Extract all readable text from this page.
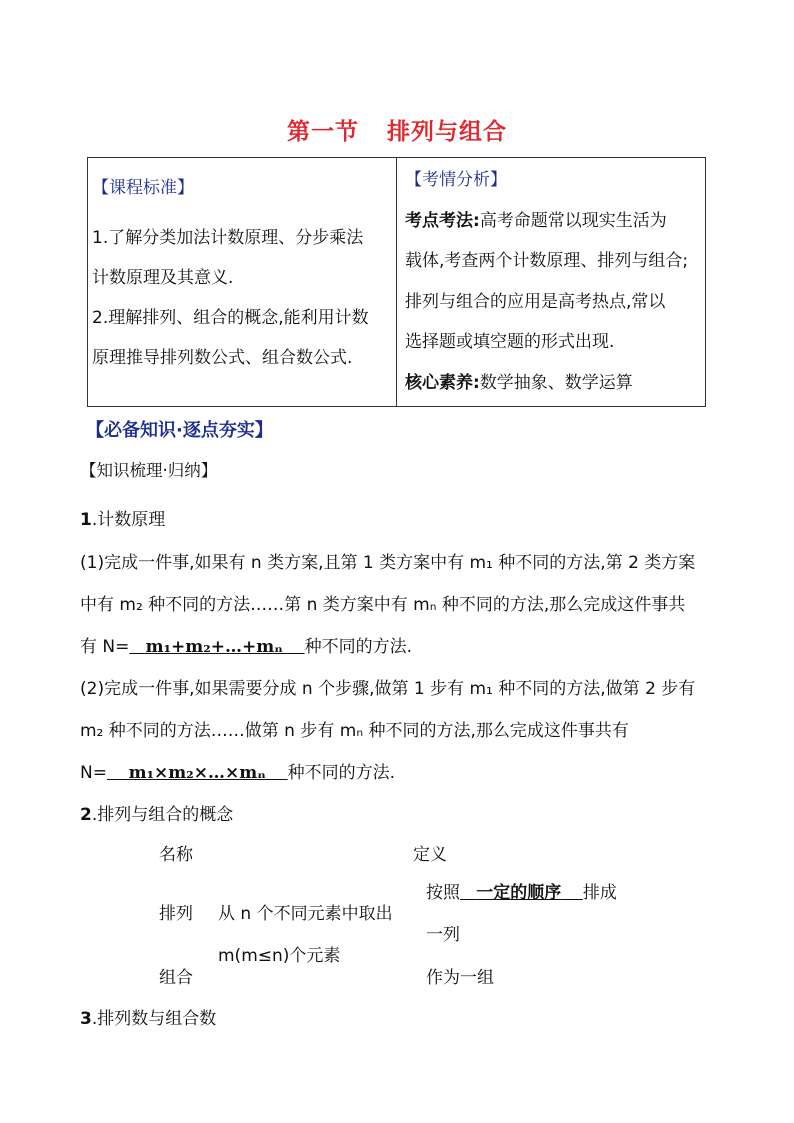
第一节 排列与组合
【课程标准】
1.了解分类加法计数原理、分步乘法
计数原理及其意义.
2.理解排列、组合的概念,能利用计数
原理推导排列数公式、组合数公式.
【考情分析】
考点考法:高考命题常以现实生活为
载体,考查两个计数原理、排列与组合;
排列与组合的应用是高考热点,常以
选择题或填空题的形式出现.
核心素养:数学抽象、数学运算
【必备知识·逐点夯实】
【知识梳理·归纳】
1.计数原理
(1)完成一件事,如果有 n 类方案,且第 1 类方案中有 m₁ 种不同的方法,第 2 类方案
中有 m₂ 种不同的方法……第 n 类方案中有 mₙ 种不同的方法,那么完成这件事共
有 N= m₁+m₂+…+mₙ 种不同的方法.
(2)完成一件事,如果需要分成 n 个步骤,做第 1 步有 m₁ 种不同的方法,做第 2 步有
m₂ 种不同的方法……做第 n 步有 mₙ 种不同的方法,那么完成这件事共有
N= m₁×m₂×…×mₙ 种不同的方法.
2.排列与组合的概念
名称	定义
排列
组合
从 n 个不同元素中取出
m(m≤n)个元素
按照 一定的顺序 排成
一列
作为一组
3.排列数与组合数
